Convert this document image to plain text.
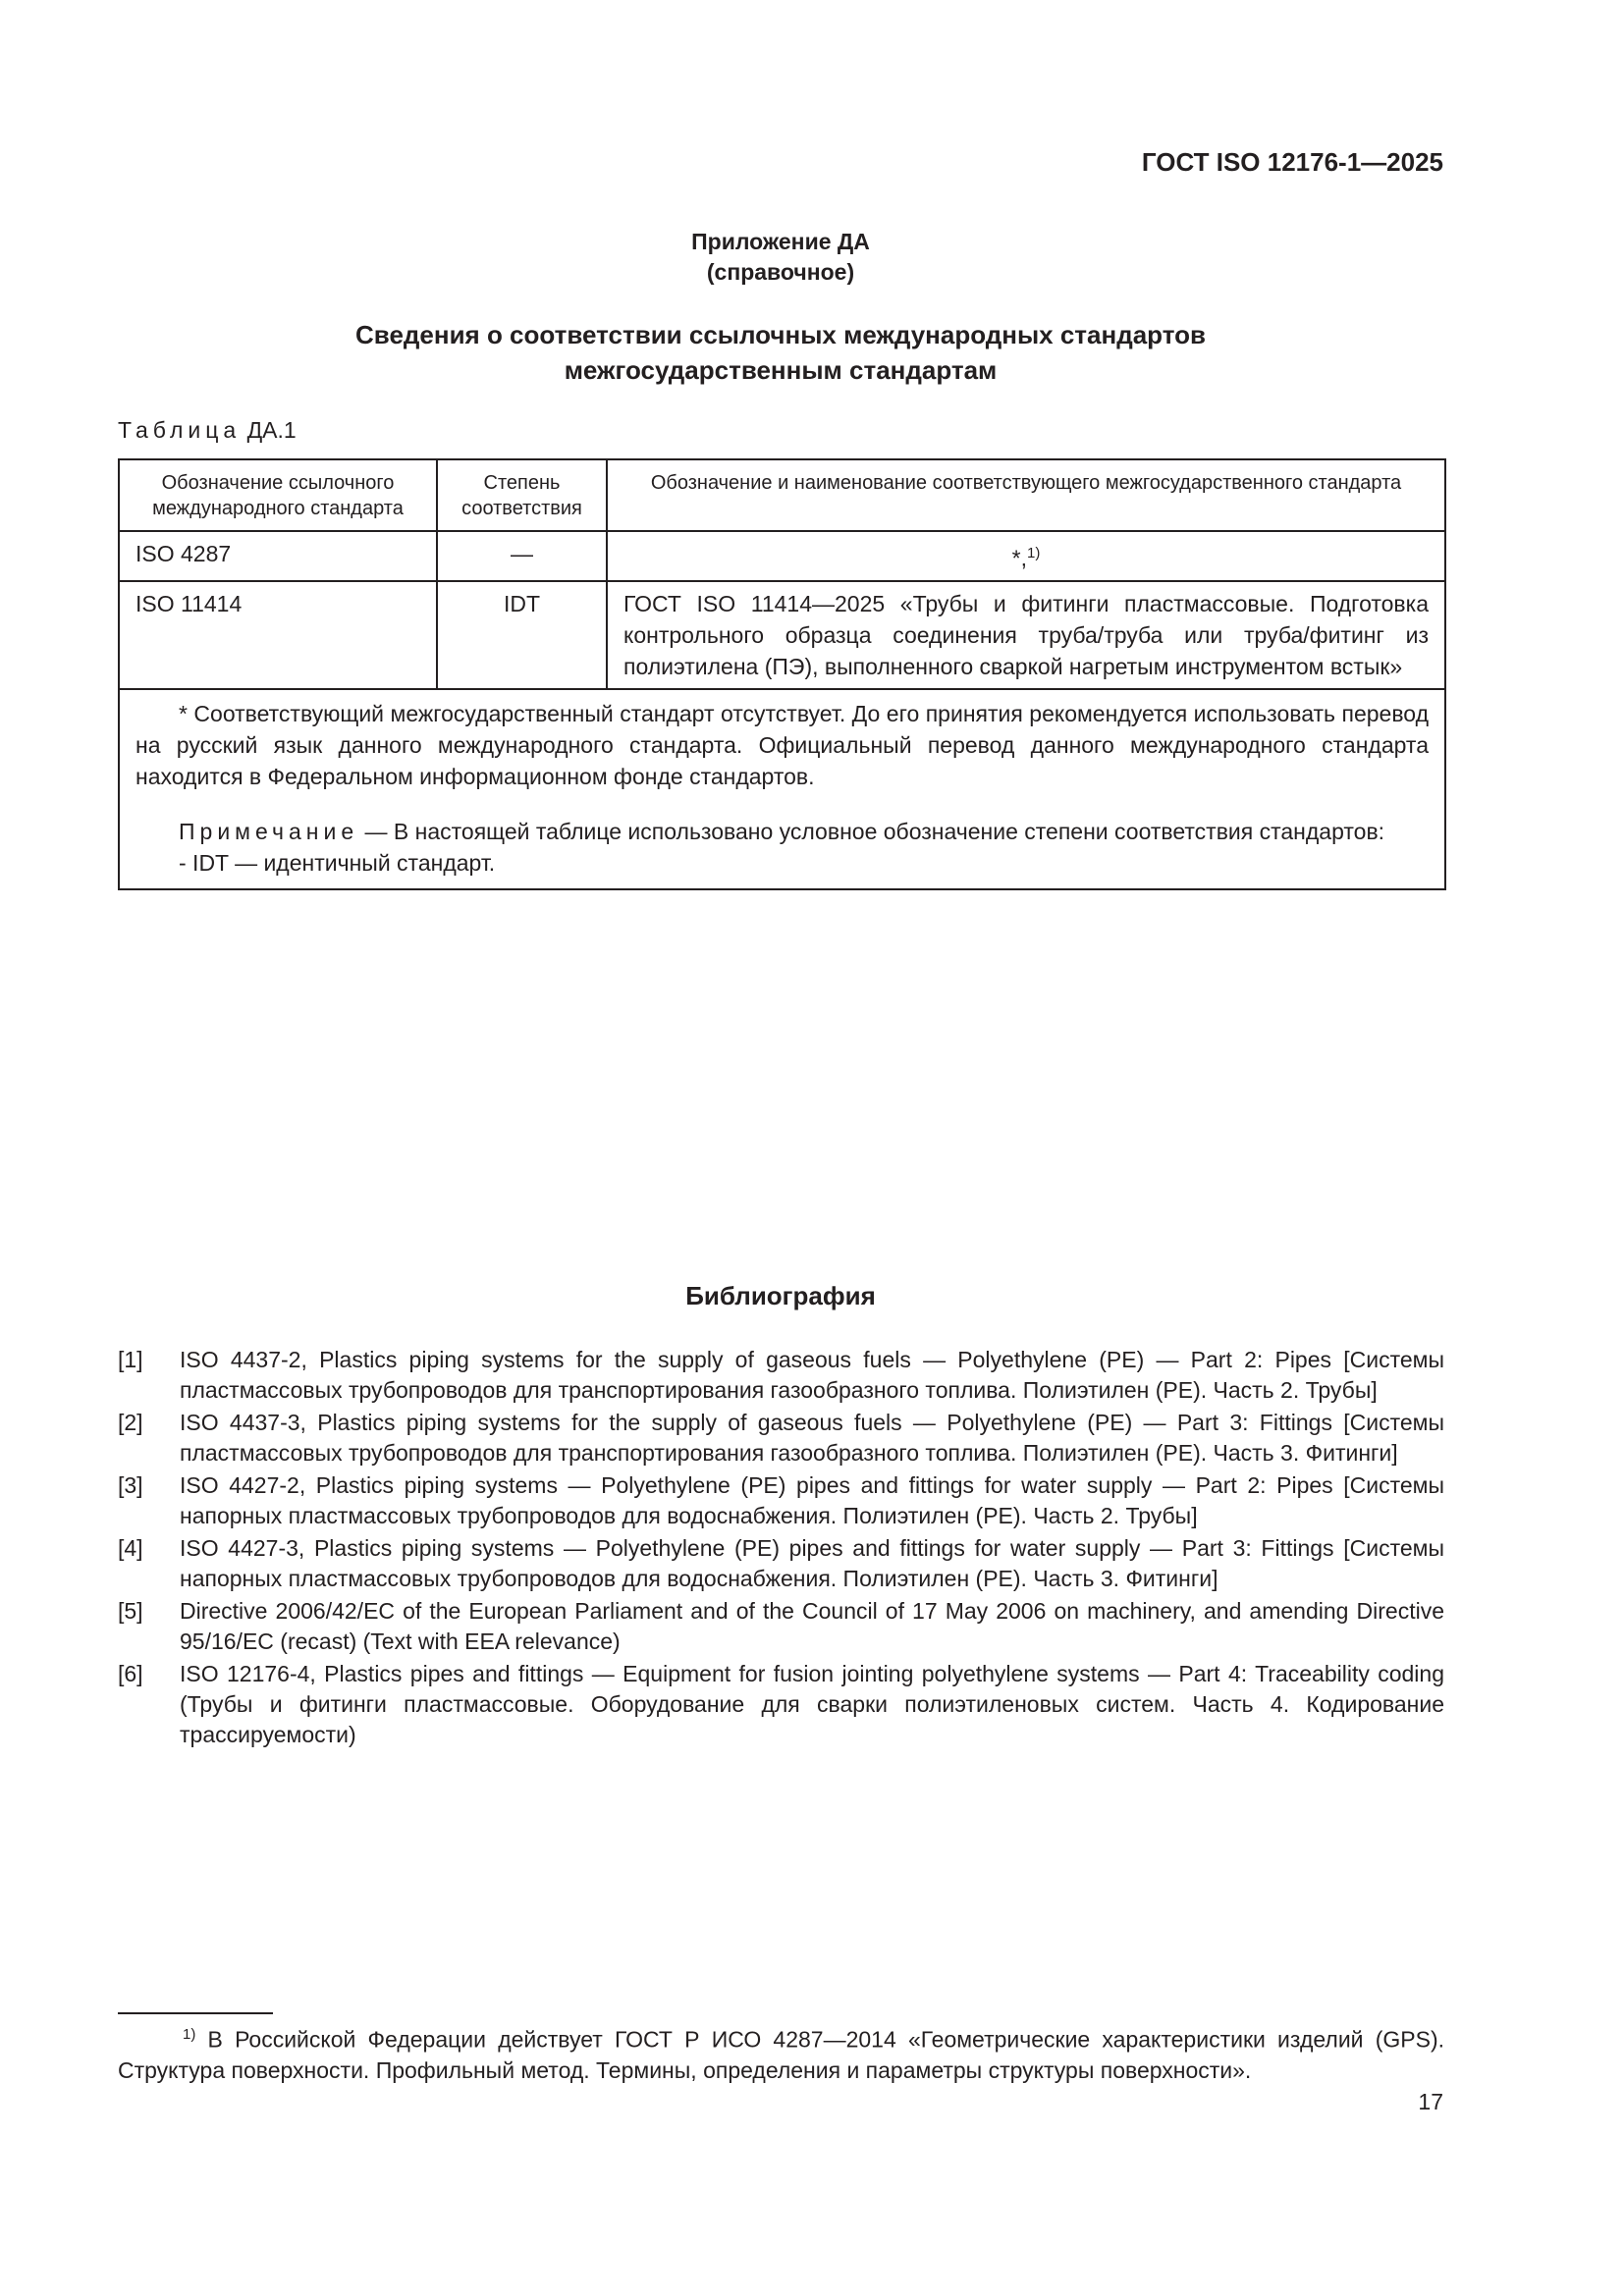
ГОСТ ISO 12176-1—2025
Приложение ДА
(справочное)
Сведения о соответствии ссылочных международных стандартов
межгосударственным стандартам
Таблица ДА.1
Обозначение ссылочного международного стандарта	Степень соответствия	Обозначение и наименование соответствующего межгосударственного стандарта
ISO 4287	—	*,$^{1)}$
ISO 11414	IDT	ГОСТ ISO 11414—2025 «Трубы и фитинги пластмассовые. Подготовка контрольного образца соединения труба/труба или труба/фитинг из полиэтилена (ПЭ), выполненного сваркой нагретым инструментом встык»

* Соответствующий межгосударственный стандарт отсутствует. До его принятия рекомендуется использовать перевод на русский язык данного международного стандарта. Официальный перевод данного международного стандарта находится в Федеральном информационном фонде стандартов.

Примечание — В настоящей таблице использовано условное обозначение степени соответствия стандартов:

- IDT — идентичный стандарт.		

Библиография
[1]	ISO 4437-2, Plastics piping systems for the supply of gaseous fuels — Polyethylene (PE) — Part 2: Pipes [Системы пластмассовых трубопроводов для транспортирования газообразного топлива. Полиэтилен (PE). Часть 2. Трубы]
[2]	ISO 4437-3, Plastics piping systems for the supply of gaseous fuels — Polyethylene (PE) — Part 3: Fittings [Системы пластмассовых трубопроводов для транспортирования газообразного топлива. Полиэтилен (PE). Часть 3. Фитинги]
[3]	ISO 4427-2, Plastics piping systems — Polyethylene (PE) pipes and fittings for water supply — Part 2: Pipes [Системы напорных пластмассовых трубопроводов для водоснабжения. Полиэтилен (PE). Часть 2. Трубы]
[4]	ISO 4427-3, Plastics piping systems — Polyethylene (PE) pipes and fittings for water supply — Part 3: Fittings [Системы напорных пластмассовых трубопроводов для водоснабжения. Полиэтилен (PE). Часть 3. Фитинги]
[5]	Directive 2006/42/EC of the European Parliament and of the Council of 17 May 2006 on machinery, and amending Directive 95/16/EC (recast) (Text with EEA relevance)
[6]	ISO 12176-4, Plastics pipes and fittings — Equipment for fusion jointing polyethylene systems — Part 4: Traceability coding (Трубы и фитинги пластмассовые. Оборудование для сварки полиэтиленовых систем. Часть 4. Кодирование трассируемости)
$^{1)}$ В Российской Федерации действует ГОСТ Р ИСО 4287—2014 «Геометрические характеристики изделий (GPS). Структура поверхности. Профильный метод. Термины, определения и параметры структуры поверхности».
17
